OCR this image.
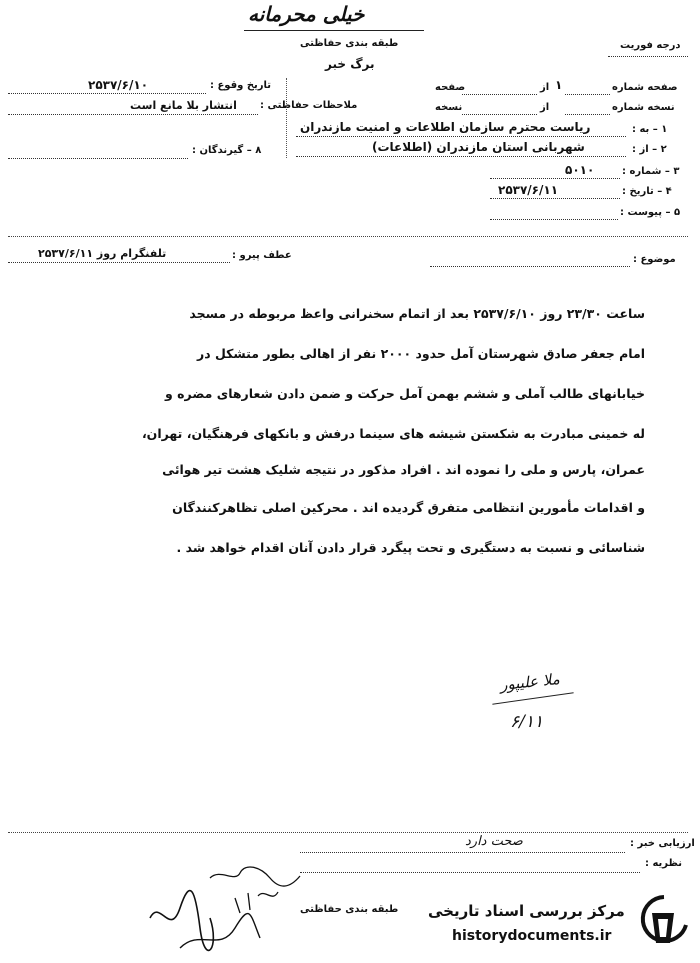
خیلی محرمانه
طبقه بندی حفاظتی
برگ خبر
درجه فوریت
تاریخ وقوع :
۲۵۳۷/۶/۱۰
ملاحظات حفاظتی :
انتشار بلا مانع است
۸ – گیرندگان :
صفحه شماره
۱
از
صفحه
نسخه شماره
از
نسخه
۱ – به :
ریاست محترم سازمان اطلاعات و امنیت مازندران
۲ – از :
شهربانی استان مازندران (اطلاعات)
۳ – شماره :
۵۰۱۰
۴ – تاریخ :
۲۵۳۷/۶/۱۱
۵ – پیوست :
موضوع :
عطف پیرو :
تلفنگرام روز ۲۵۳۷/۶/۱۱
ساعت ۲۳/۳۰ روز ۲۵۳۷/۶/۱۰ بعد از اتمام سخنرانی واعظ مربوطه در مسجد
امام جعفر صادق شهرستان آمل حدود ۲۰۰۰ نفر از اهالی بطور متشکل در
خیابانهای طالب آملی و ششم بهمن آمل حرکت و ضمن دادن شعارهای مضره و
له خمینی مبادرت به شکستن شیشه های سینما درفش و بانکهای فرهنگیان، تهران،
عمران، پارس و ملی را نموده اند . افراد مذکور در نتیجه شلیک هشت تیر هوائی
و اقدامات مأمورین انتظامی متفرق گردیده اند . محرکین اصلی تظاهرکنندگان
شناسائی و نسبت به دستگیری و تحت پیگرد قرار دادن آنان اقدام خواهد شد .
ملا علیپور
۶/۱۱
ارزیابی خبر :
صحت دارد
نظریه :
طبقه بندی حفاظتی مرکز بررسی اسناد تاریخی
historydocuments.ir
